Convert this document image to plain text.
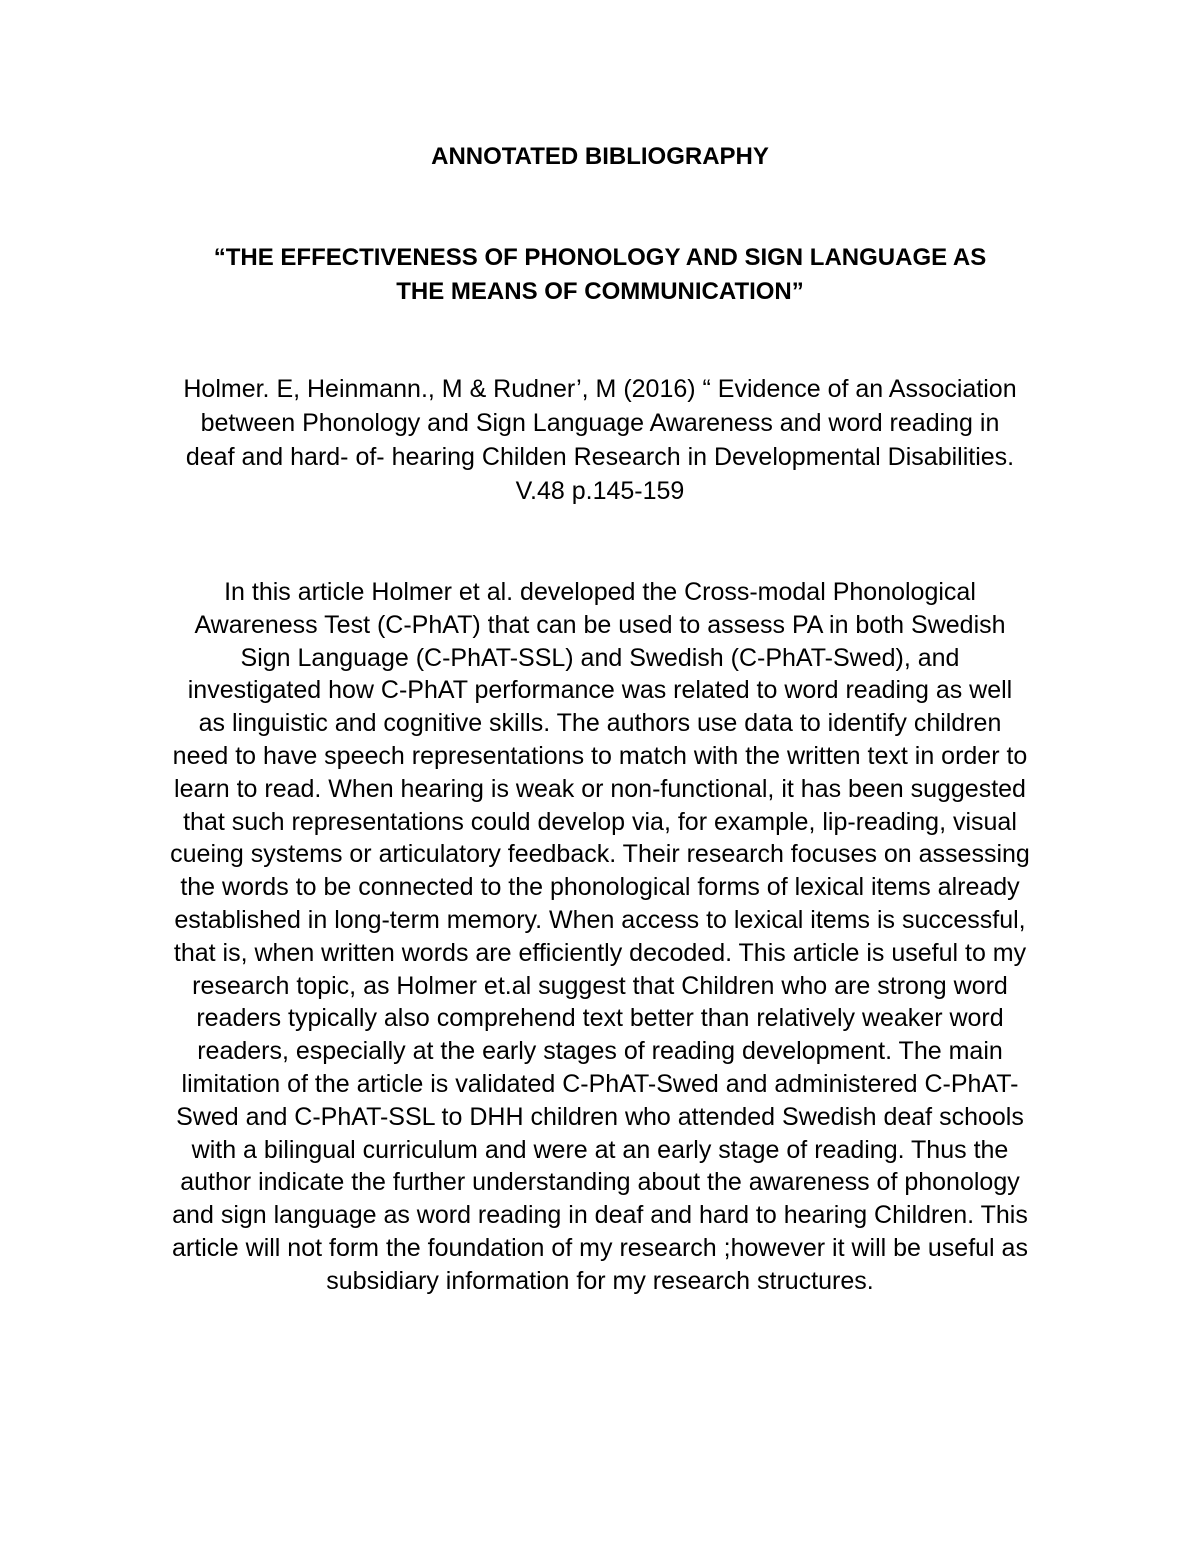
ANNOTATED BIBLIOGRAPHY
“THE EFFECTIVENESS OF PHONOLOGY AND SIGN LANGUAGE AS
THE MEANS OF COMMUNICATION”

Holmer. E, Heinmann., M & Rudner’, M (2016) “ Evidence of an Association
between Phonology and Sign Language Awareness and word reading in
deaf and hard- of- hearing Childen Research in Developmental Disabilities.
V.48 p.145-159

In this article Holmer et al. developed the Cross-modal Phonological
Awareness Test (C-PhAT) that can be used to assess PA in both Swedish
Sign Language (C-PhAT-SSL) and Swedish (C-PhAT-Swed), and
investigated how C-PhAT performance was related to word reading as well
as linguistic and cognitive skills. The authors use data to identify children
need to have speech representations to match with the written text in order to
learn to read. When hearing is weak or non-functional, it has been suggested
that such representations could develop via, for example, lip-reading, visual
cueing systems or articulatory feedback. Their research focuses on assessing
the words to be connected to the phonological forms of lexical items already
established in long-term memory. When access to lexical items is successful,
that is, when written words are efficiently decoded. This article is useful to my
research topic, as Holmer et.al suggest that Children who are strong word
readers typically also comprehend text better than relatively weaker word
readers, especially at the early stages of reading development. The main
limitation of the article is validated C-PhAT-Swed and administered C-PhAT-
Swed and C-PhAT-SSL to DHH children who attended Swedish deaf schools
with a bilingual curriculum and were at an early stage of reading. Thus the
author indicate the further understanding about the awareness of phonology
and sign language as word reading in deaf and hard to hearing Children. This
article will not form the foundation of my research ;however it will be useful as
subsidiary information for my research structures.
